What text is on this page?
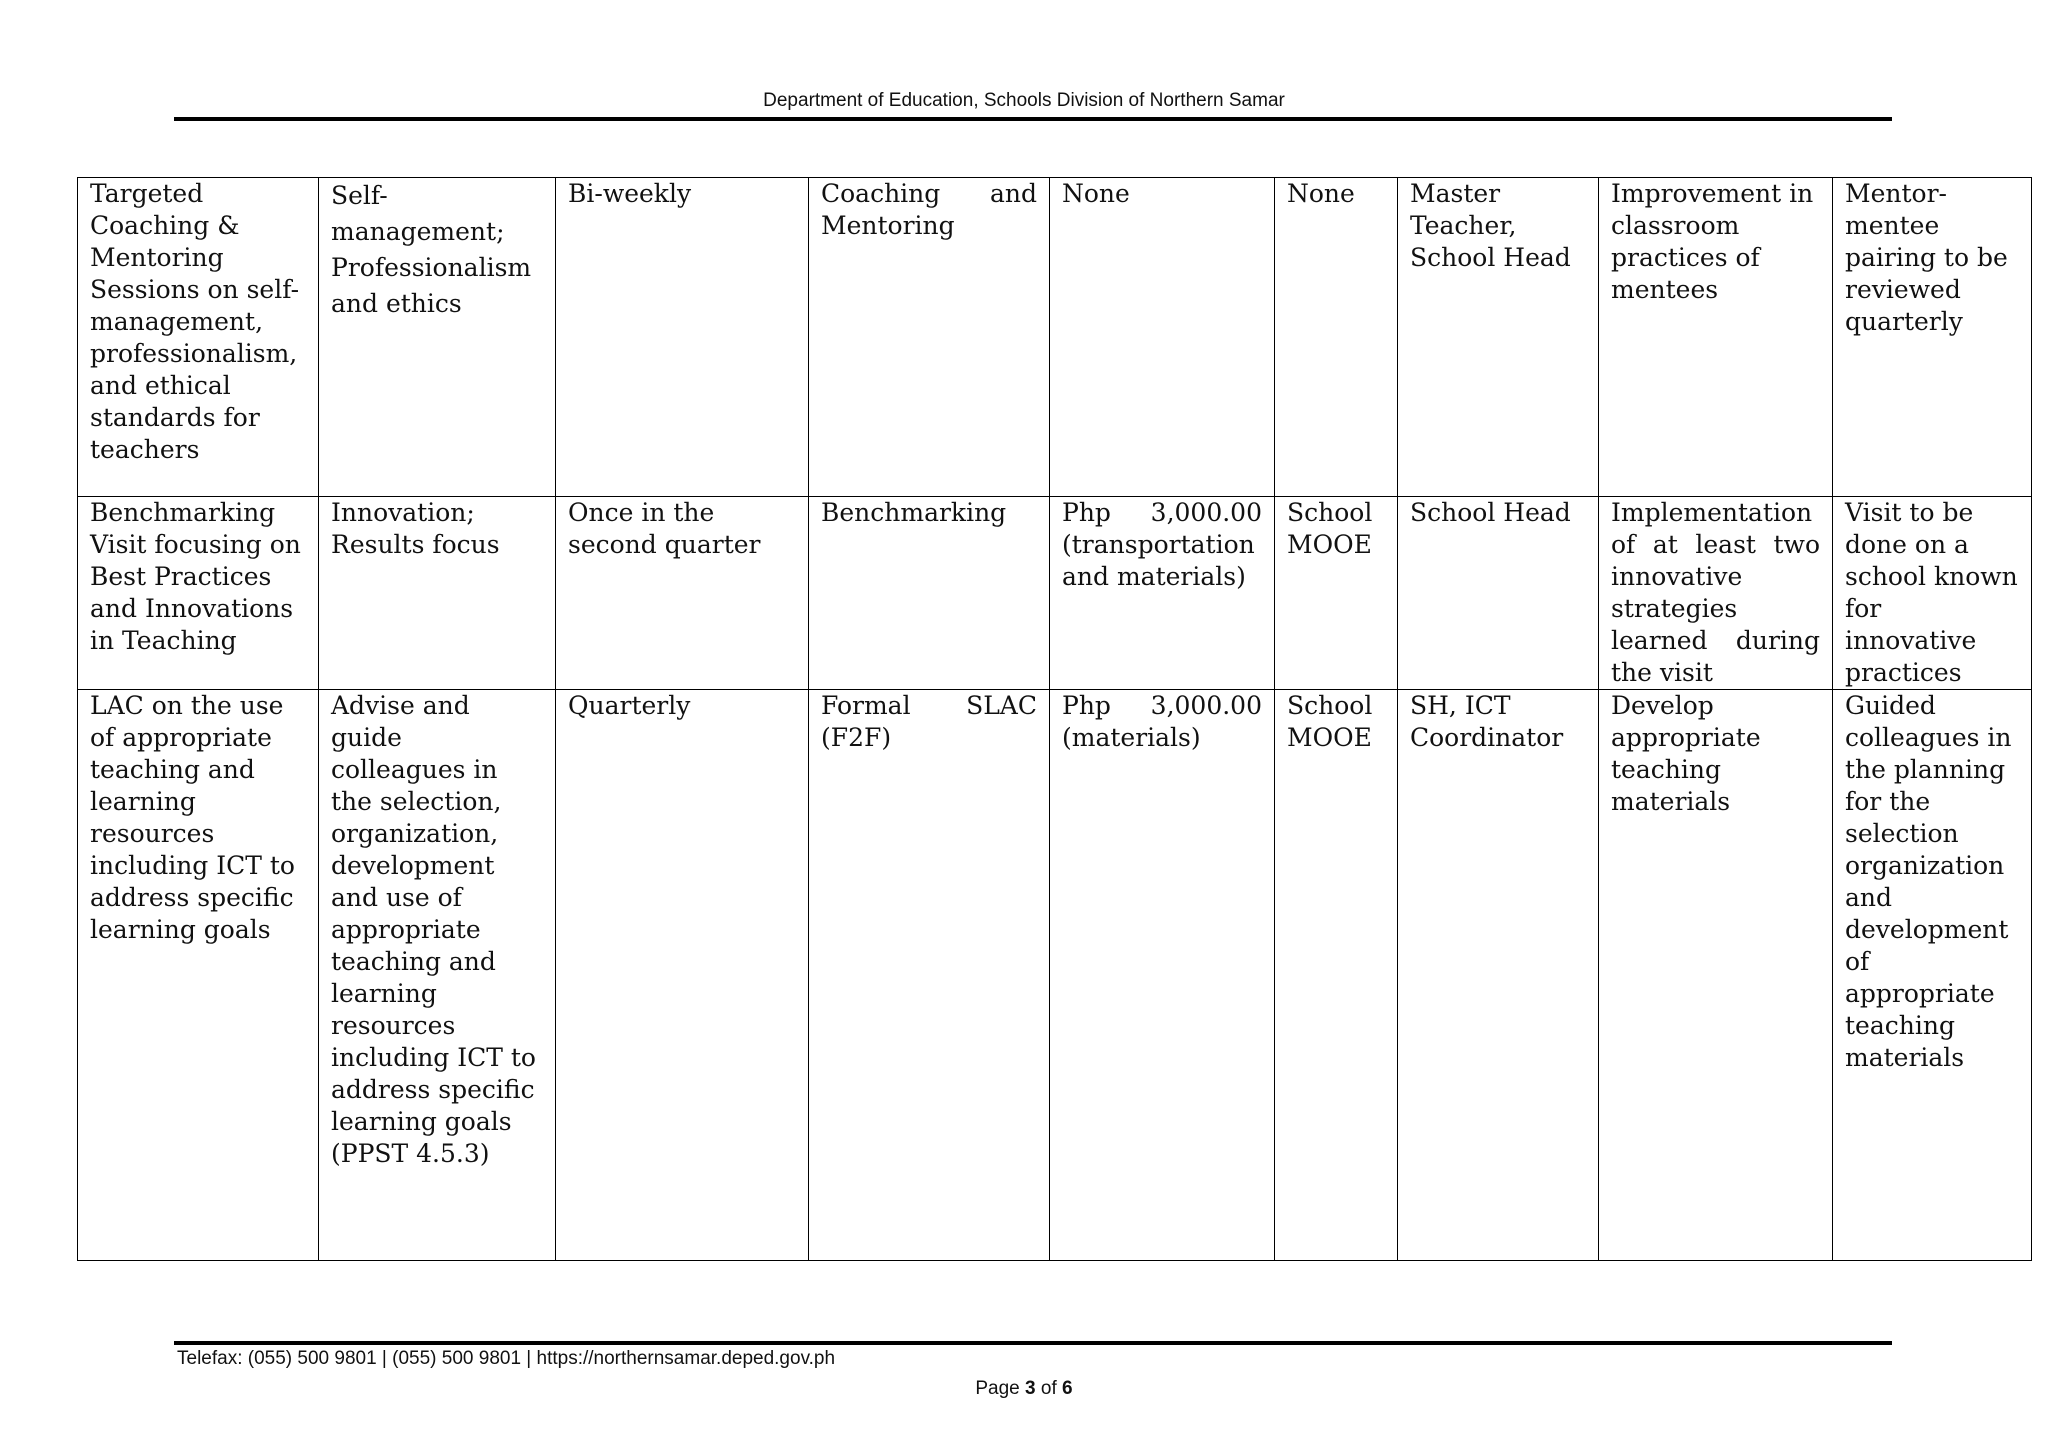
Department of Education, Schools Division of Northern Samar
Targeted Coaching & Mentoring Sessions on self-management, professionalism, and ethical standards for teachers	Self-management; Professionalism and ethics	Bi-weekly	Coaching and Mentoring	None	None	Master Teacher, School Head	Improvement in classroom practices of mentees	Mentor-mentee pairing to be reviewed quarterly
Benchmarking Visit focusing on Best Practices and Innovations in Teaching	Innovation; Results focus	Once in the second quarter	Benchmarking	Php 3,000.00 (transportation and materials)	School MOOE	School Head	Implementation of at least two innovative strategies learned during the visit	Visit to be done on a school known for innovative practices
LAC on the use of appropriate teaching and learning resources including ICT to address specific learning goals	Advise and guide colleagues in the selection, organization, development and use of appropriate teaching and learning resources including ICT to address specific learning goals (PPST 4.5.3)	Quarterly	Formal SLAC (F2F)	Php 3,000.00 (materials)	School MOOE	SH, ICT Coordinator	Develop appropriate teaching materials	Guided colleagues in the planning for the selection organization and development of appropriate teaching materials
Telefax: (055) 500 9801 | (055) 500 9801 | https://northernsamar.deped.gov.ph
Page 3 of 6
